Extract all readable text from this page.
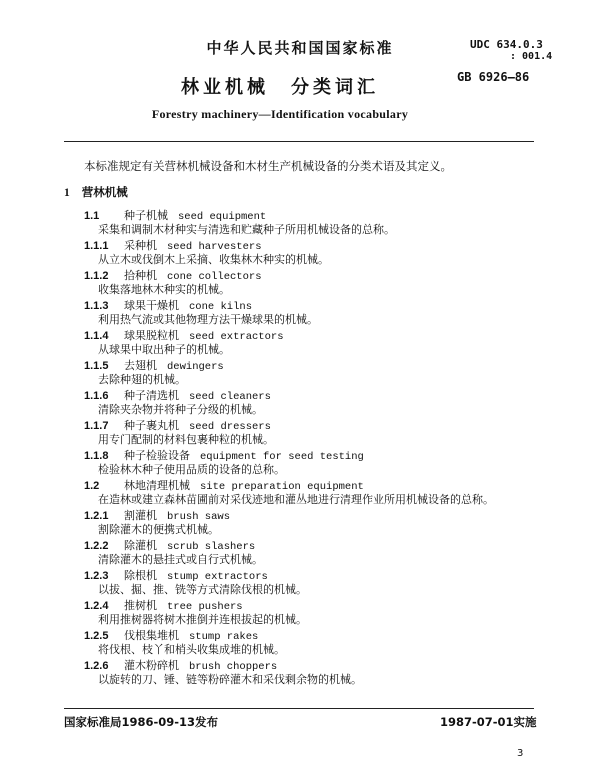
中华人民共和国国家标准	UDC 634.0.3
: 001.4
GB 6926—86
林业机械　分类词汇
Forestry machinery—Identification vocabulary
本标准规定有关营林机械设备和木材生产机械设备的分类术语及其定义。
1 营林机械
1.1 种子机械 seed equipment
采集和调制木材种实与清选和贮藏种子所用机械设备的总称。
1.1.1 采种机 seed harvesters
从立木或伐倒木上采摘、收集林木种实的机械。
1.1.2 拾种机 cone collectors
收集落地林木种实的机械。
1.1.3 球果干燥机 cone kilns
利用热气流或其他物理方法干燥球果的机械。
1.1.4 球果脱粒机 seed extractors
从球果中取出种子的机械。
1.1.5 去翅机 dewingers
去除种翅的机械。
1.1.6 种子清选机 seed cleaners
清除夹杂物并将种子分级的机械。
1.1.7 种子裹丸机 seed dressers
用专门配制的材料包裹种粒的机械。
1.1.8 种子检验设备 equipment for seed testing
检验林木种子使用品质的设备的总称。
1.2 林地清理机械 site preparation equipment
在造林或建立森林苗圃前对采伐迹地和灌丛地进行清理作业所用机械设备的总称。
1.2.1 割灌机 brush saws
割除灌木的便携式机械。
1.2.2 除灌机 scrub slashers
清除灌木的悬挂式或自行式机械。
1.2.3 除根机 stump extractors
以拔、掘、推、铣等方式清除伐根的机械。
1.2.4 推树机 tree pushers
利用推树器将树木推倒并连根拔起的机械。
1.2.5 伐根集堆机 stump rakes
将伐根、枝丫和梢头收集成堆的机械。
1.2.6 灌木粉碎机 brush choppers
以旋转的刀、锤、链等粉碎灌木和采伐剩余物的机械。
国家标准局1986-09-13发布	1987-07-01实施
3
